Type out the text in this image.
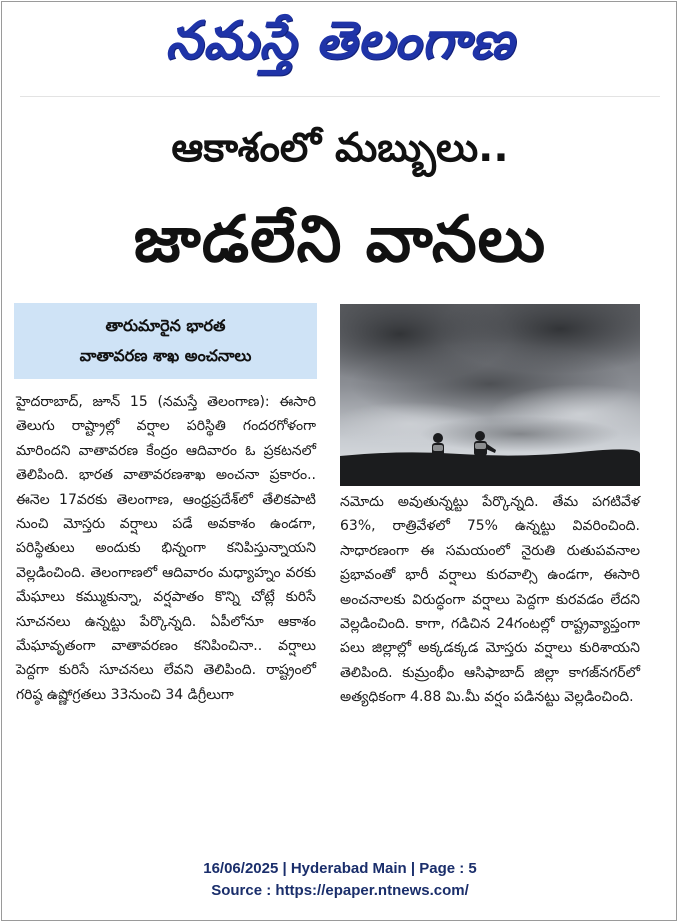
నమస్తే తెలంగాణ
ఆకాశంలో మబ్బులు..
జాడలేని వానలు
తారుమారైన భారత
వాతావరణ శాఖ అంచనాలు

హైదరాబాద్, జూన్ 15 (నమస్తే తెలంగాణ): ఈసారి తెలుగు రాష్ట్రాల్లో వర్షాల పరిస్థితి గందరగోళంగా మారిందని వాతావరణ కేంద్రం ఆదివారం ఓ ప్రకటనలో తెలిపింది. భారత వాతావరణశాఖ అంచనా ప్రకారం.. ఈనెల 17వరకు తెలంగాణ, ఆంధ్రప్రదేశ్‌లో తేలికపాటి నుంచి మోస్తరు వర్షాలు పడే అవకాశం ఉండగా, పరిస్థితులు అందుకు భిన్నంగా కనిపిస్తున్నాయని వెల్లడించింది. తెలంగాణలో ఆదివారం మధ్యాహ్నం వరకు మేఘాలు కమ్ముకున్నా, వర్షపాతం కొన్ని చోట్లే కురిసే సూచనలు ఉన్నట్టు పేర్కొన్నది. ఏపీలోనూ ఆకాశం మేఘావృతంగా వాతావరణం కనిపించినా.. వర్షాలు పెద్దగా కురిసే సూచనలు లేవని తెలిపింది. రాష్ట్రంలో గరిష్ఠ ఉష్ణోగ్రతలు 33నుంచి 34 డిగ్రీలుగా

నమోదు అవుతున్నట్టు పేర్కొన్నది. తేమ పగటివేళ 63%, రాత్రివేళలో 75% ఉన్నట్టు వివరించింది. సాధారణంగా ఈ సమయంలో నైరుతి రుతుపవనాల ప్రభావంతో భారీ వర్షాలు కురవాల్సి ఉండగా, ఈసారి అంచనాలకు విరుద్ధంగా వర్షాలు పెద్దగా కురవడం లేదని వెల్లడించింది. కాగా, గడిచిన 24గంటల్లో రాష్ట్రవ్యాప్తంగా పలు జిల్లాల్లో అక్కడక్కడ మోస్తరు వర్షాలు కురిశాయని తెలిపింది. కుమ్రంభీం ఆసిఫాబాద్ జిల్లా కాగజ్‌నగర్‌లో అత్యధికంగా 4.88 మి.మీ వర్షం పడినట్టు వెల్లడించింది.

16/06/2025 | Hyderabad Main | Page : 5
Source : https://epaper.ntnews.com/
